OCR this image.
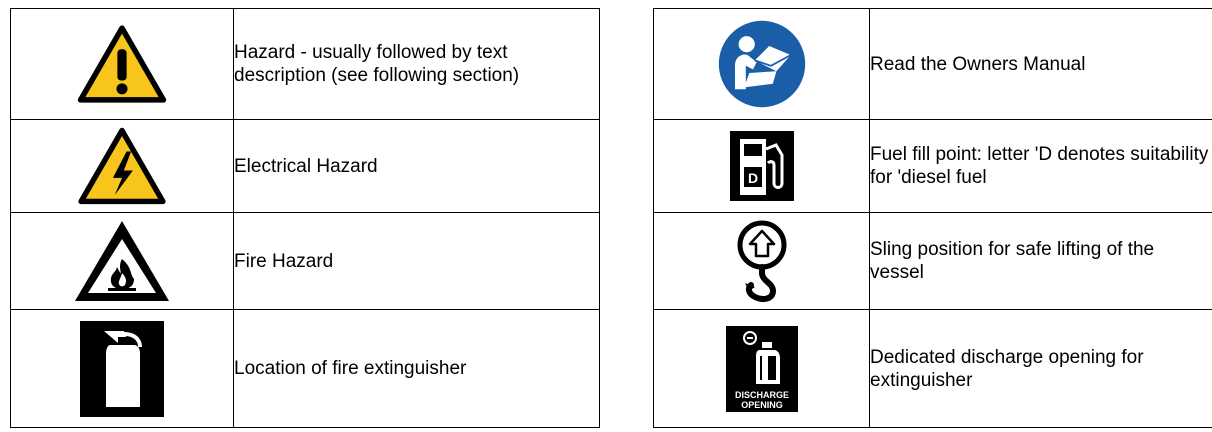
Hazard - usually followed by text description (see following section)

Electrical Hazard

Fire Hazard

Location of fire extinguisher

Read the Owners Manual

D	Fuel fill point: letter 'D denotes suitability for 'diesel fuel

Sling position for safe lifting of the vessel

DISCHARGE
OPENING	Dedicated discharge opening for extinguisher
